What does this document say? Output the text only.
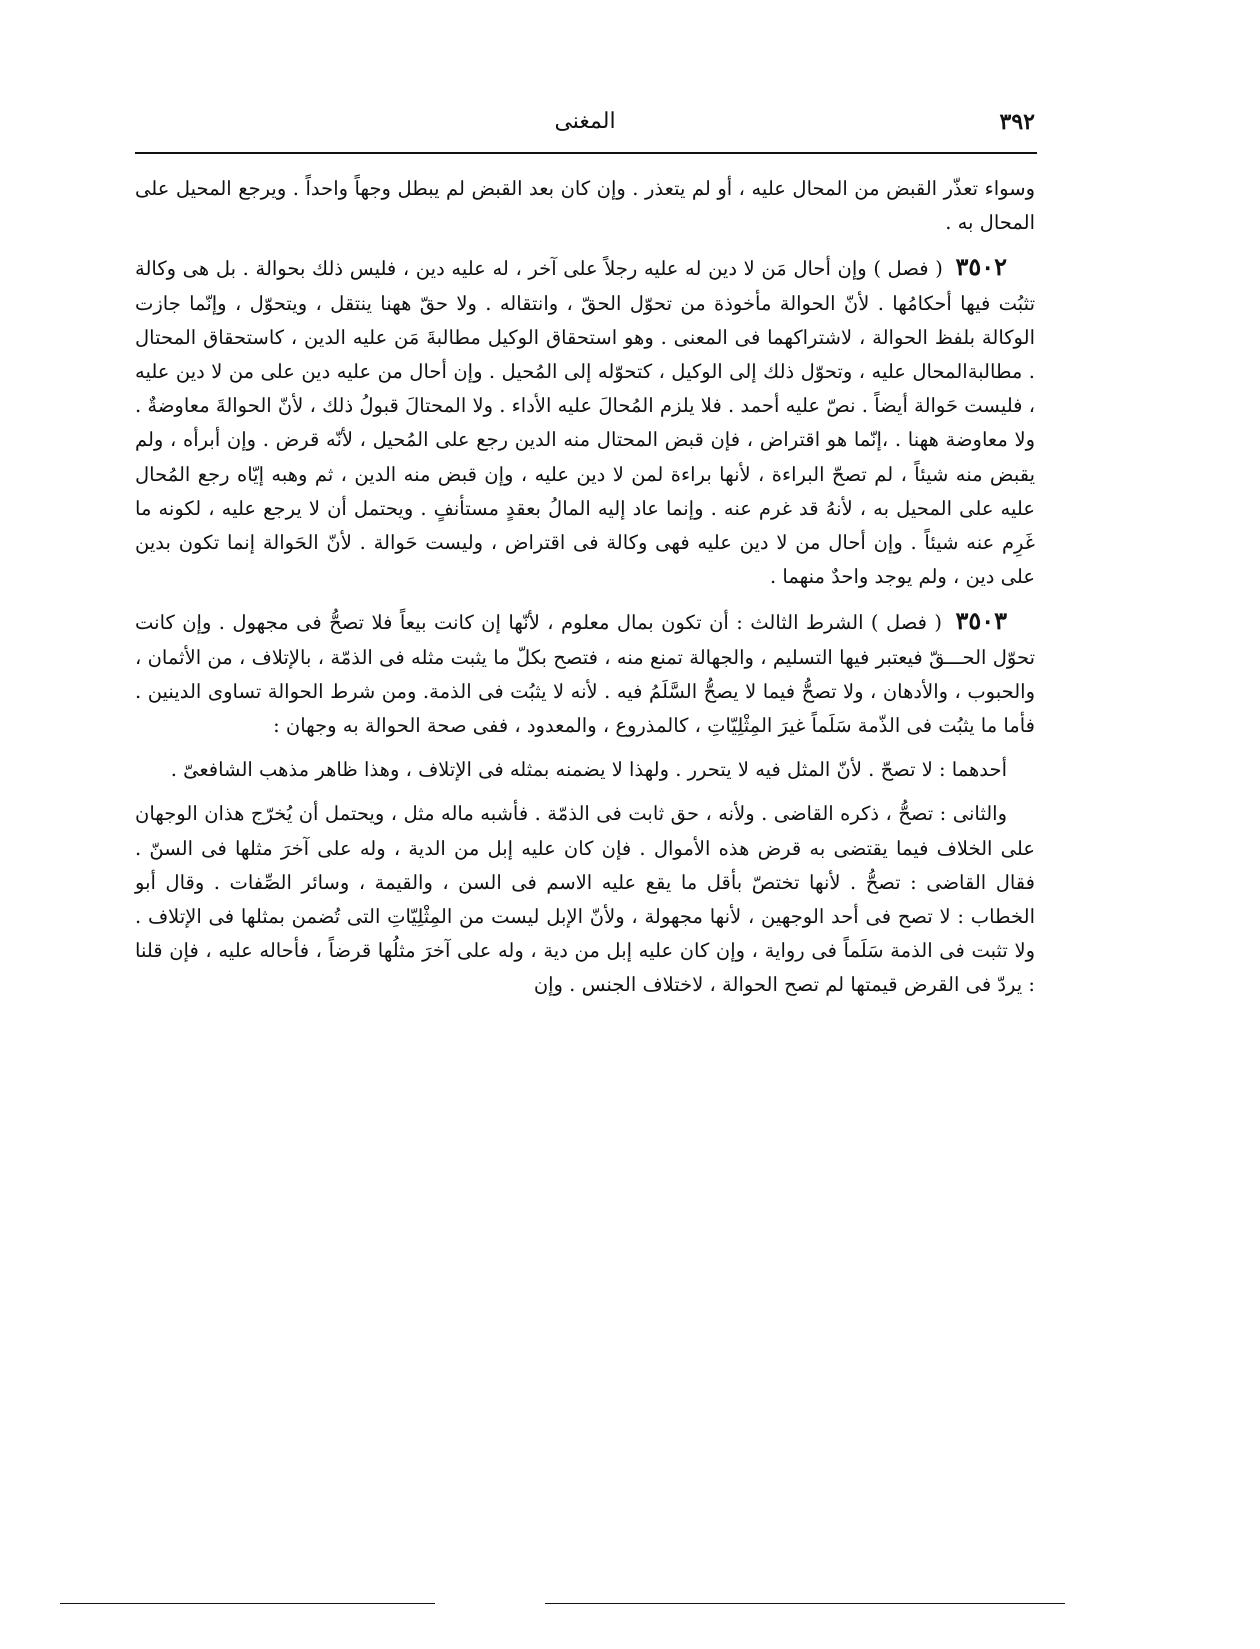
٣٩٢
المغنى

وسواء تعذّر القبض من المحال عليه ، أو لم يتعذر . وإن كان بعد القبض لم يبطل وجهاً واحداً . ويرجع المحيل على المحال به .

٣٥٠٢ ( فصل ) وإن أحال مَن لا دين له عليه رجلاً على آخر ، له عليه دين ، فليس ذلك بحوالة . بل هى وكالة تثبُت فيها أحكامُها . لأنّ الحوالة مأخوذة من تحوّل الحقّ ، وانتقاله . ولا حقّ ههنا ينتقل ، ويتحوّل ، وإنّما جازت الوكالة بلفظ الحوالة ، لاشتراكهما فى المعنى . وهو استحقاق الوكيل مطالبةَ مَن عليه الدين ، كاستحقاق المحتال . مطالبةالمحال عليه ، وتحوّل ذلك إلى الوكيل ، كتحوّله إلى المُحيل . وإن أحال من عليه دين على من لا دين عليه ، فليست حَوالة أيضاً . نصّ عليه أحمد . فلا يلزم المُحالَ عليه الأداء . ولا المحتالَ قبولُ ذلك ، لأنّ الحوالةَ معاوضةٌ . ولا معاوضة ههنا . ،إنّما هو اقتراض ، فإن قبض المحتال منه الدين رجع على المُحيل ، لأنّه قرض . وإن أبرأه ، ولم يقبض منه شيئاً ، لم تصحّ البراءة ، لأنها براءة لمن لا دين عليه ، وإن قبض منه الدين ، ثم وهبه إيّاه رجع المُحال عليه على المحيل به ، لأنهُ قد غرم عنه . وإنما عاد إليه المالُ بعقدٍ مستأنفٍ . ويحتمل أن لا يرجع عليه ، لكونه ما غَرِم عنه شيئاً . وإن أحال من لا دين عليه فهى وكالة فى اقتراض ، وليست حَوالة . لأنّ الحَوالة إنما تكون بدين على دين ، ولم يوجد واحدٌ منهما .

٣٥٠٣ ( فصل ) الشرط الثالث : أن تكون بمال معلوم ، لأنّها إن كانت بيعاً فلا تصحُّ فى مجهول . وإن كانت تحوّل الحـــقّ فيعتبر فيها التسليم ، والجهالة تمنع منه ، فتصح بكلّ ما يثبت مثله فى الذمّة ، بالإتلاف ، من الأثمان ، والحبوب ، والأدهان ، ولا تصحُّ فيما لا يصحُّ السَّلَمُ فيه . لأنه لا يثبُت فى الذمة. ومن شرط الحوالة تساوى الدينين . فأما ما يثبُت فى الذّمة سَلَماً غيرَ المِثْلِيّاتِ ، كالمذروع ، والمعدود ، ففى صحة الحوالة به وجهان :

أحدهما : لا تصحّ . لأنّ المثل فيه لا يتحرر . ولهذا لا يضمنه بمثله فى الإتلاف ، وهذا ظاهر مذهب الشافعىّ .

والثانى : تصحُّ ، ذكره القاضى . ولأنه ، حق ثابت فى الذمّة . فأشبه ماله مثل ، ويحتمل أن يُخرّج هذان الوجهان على الخلاف فيما يقتضى به قرض هذه الأموال . فإن كان عليه إبل من الدية ، وله على آخرَ مثلها فى السنّ . فقال القاضى : تصحُّ . لأنها تختصّ بأقل ما يقع عليه الاسم فى السن ، والقيمة ، وسائر الصِّفات . وقال أبو الخطاب : لا تصح فى أحد الوجهين ، لأنها مجهولة ، ولأنّ الإبل ليست من المِثْلِيّاتِ التى تُضمن بمثلها فى الإتلاف . ولا تثبت فى الذمة سَلَماً فى رواية ، وإن كان عليه إبل من دية ، وله على آخرَ مثلُها قرضاً ، فأحاله عليه ، فإن قلنا : يردّ فى القرض قيمتها لم تصح الحوالة ، لاختلاف الجنس . وإن
